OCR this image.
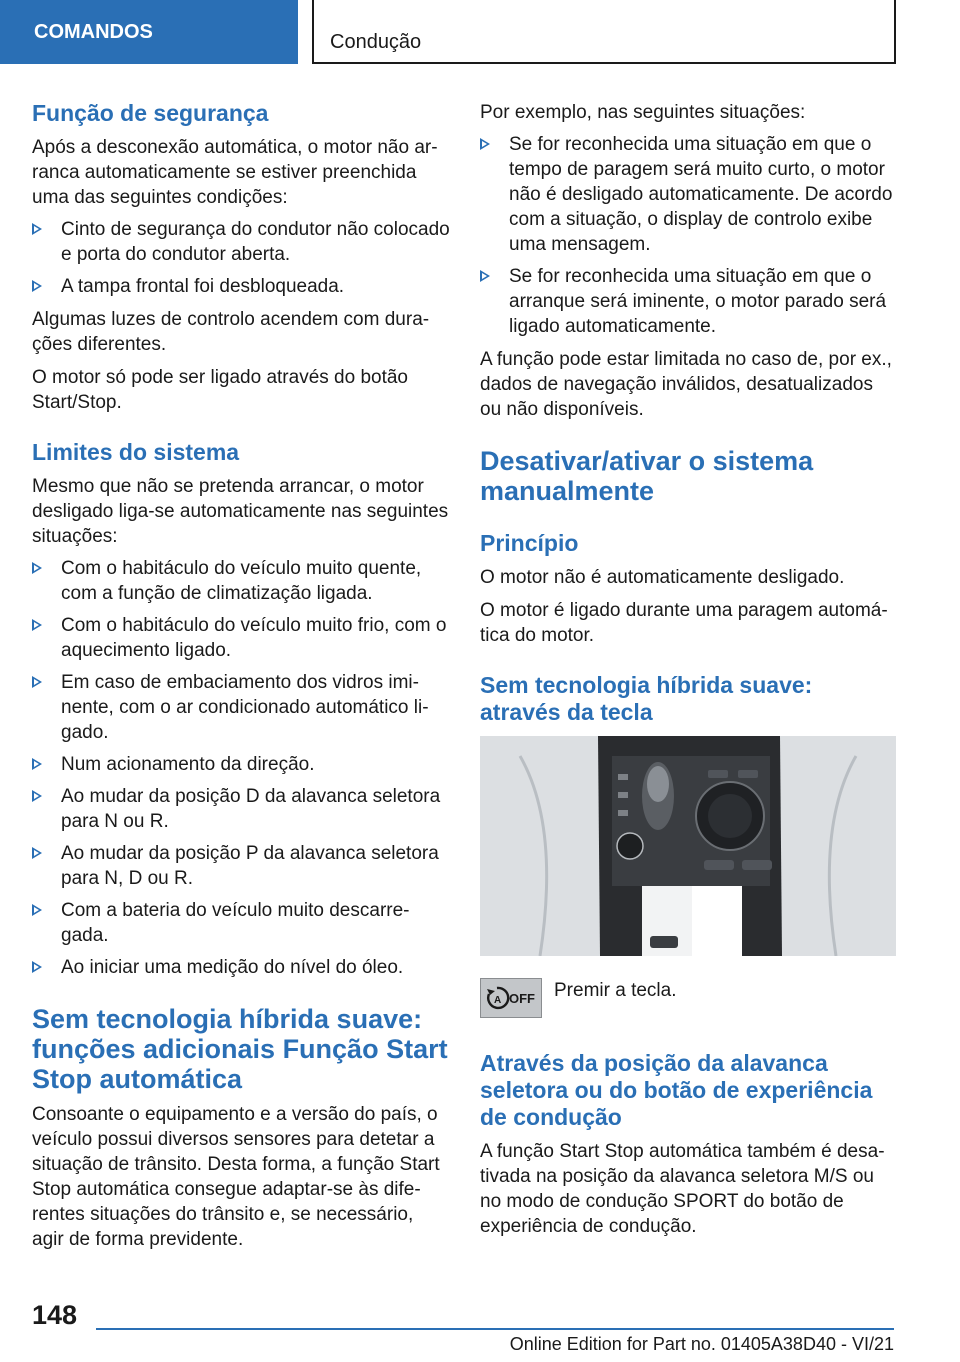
COMANDOS	Condução
Função de segurança

Após a desconexão automática, o motor não arranca automaticamente se estiver preenchida uma das seguintes condições:

Cinto de segurança do condutor não colocado e porta do condutor aberta.
A tampa frontal foi desbloqueada.

Algumas luzes de controlo acendem com durações diferentes.

O motor só pode ser ligado através do botão Start/Stop.

Limites do sistema

Mesmo que não se pretenda arrancar, o motor desligado liga-se automaticamente nas seguintes situações:

Com o habitáculo do veículo muito quente, com a função de climatização ligada.
Com o habitáculo do veículo muito frio, com o aquecimento ligado.
Em caso de embaciamento dos vidros iminente, com o ar condicionado automático ligado.
Num acionamento da direção.
Ao mudar da posição D da alavanca seletora para N ou R.
Ao mudar da posição P da alavanca seletora para N, D ou R.
Com a bateria do veículo muito descarregada.
Ao iniciar uma medição do nível do óleo.
Sem tecnologia híbrida suave: funções adicionais Função Start Stop automática

Consoante o equipamento e a versão do país, o veículo possui diversos sensores para detetar a situação de trânsito. Desta forma, a função Start Stop automática consegue adaptar-se às diferentes situações do trânsito e, se necessário, agir de forma previdente.

Por exemplo, nas seguintes situações:

Se for reconhecida uma situação em que o tempo de paragem será muito curto, o motor não é desligado automaticamente. De acordo com a situação, o display de controlo exibe uma mensagem.
Se for reconhecida uma situação em que o arranque será iminente, o motor parado será ligado automaticamente.

A função pode estar limitada no caso de, por ex., dados de navegação inválidos, desatualizados ou não disponíveis.

Desativar/ativar o sistema manualmente
Princípio

O motor não é automaticamente desligado.

O motor é ligado durante uma paragem automática do motor.

Sem tecnologia híbrida suave: através da tecla
A OFF Premir a tecla.

Através da posição da alavanca seletora ou do botão de experiência de condução

A função Start Stop automática também é desativada na posição da alavanca seletora M/S ou no modo de condução SPORT do botão de experiência de condução.

148
Online Edition for Part no. 01405A38D40 - VI/21
